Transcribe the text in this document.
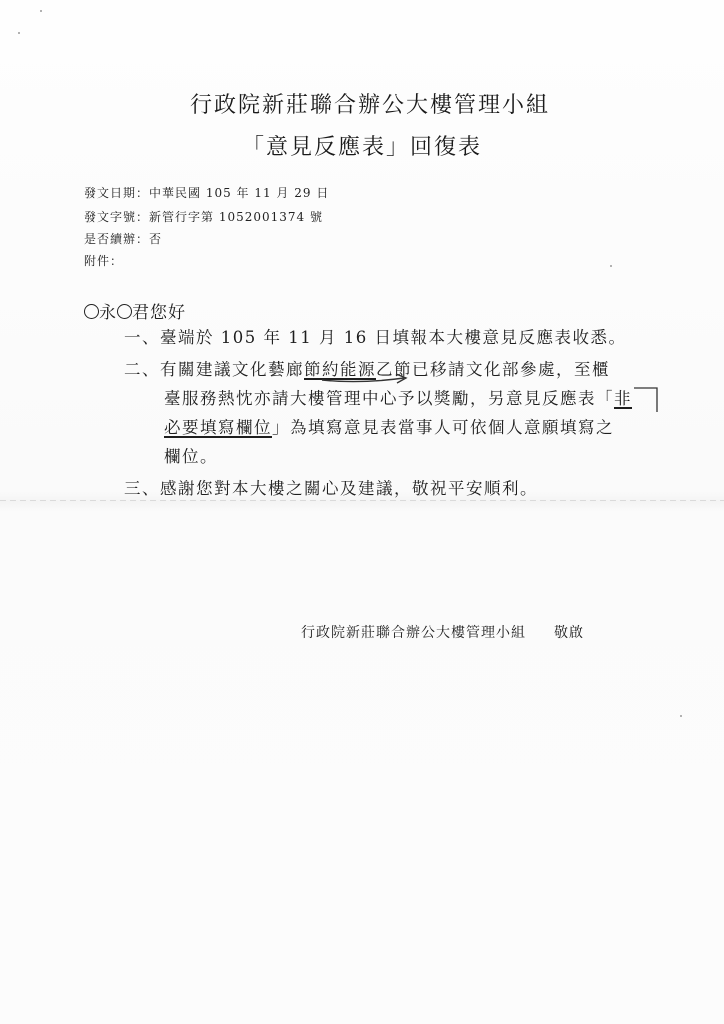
行政院新莊聯合辦公大樓管理小組
「意見反應表」回復表
發文日期：中華民國 105 年 11 月 29 日
發文字號：新管行字第 1052001374 號
是否續辦：否
附件：
永 君您好
一、臺端於 105 年 11 月 16 日填報本大樓意見反應表收悉。
二、有關建議文化藝廊節約能源乙節已移請文化部參處，至櫃
臺服務熱忱亦請大樓管理中心予以獎勵，另意見反應表「非
必要填寫欄位」為填寫意見表當事人可依個人意願填寫之
欄位。
三、感謝您對本大樓之關心及建議，敬祝平安順利。
行政院新莊聯合辦公大樓管理小組 敬啟
